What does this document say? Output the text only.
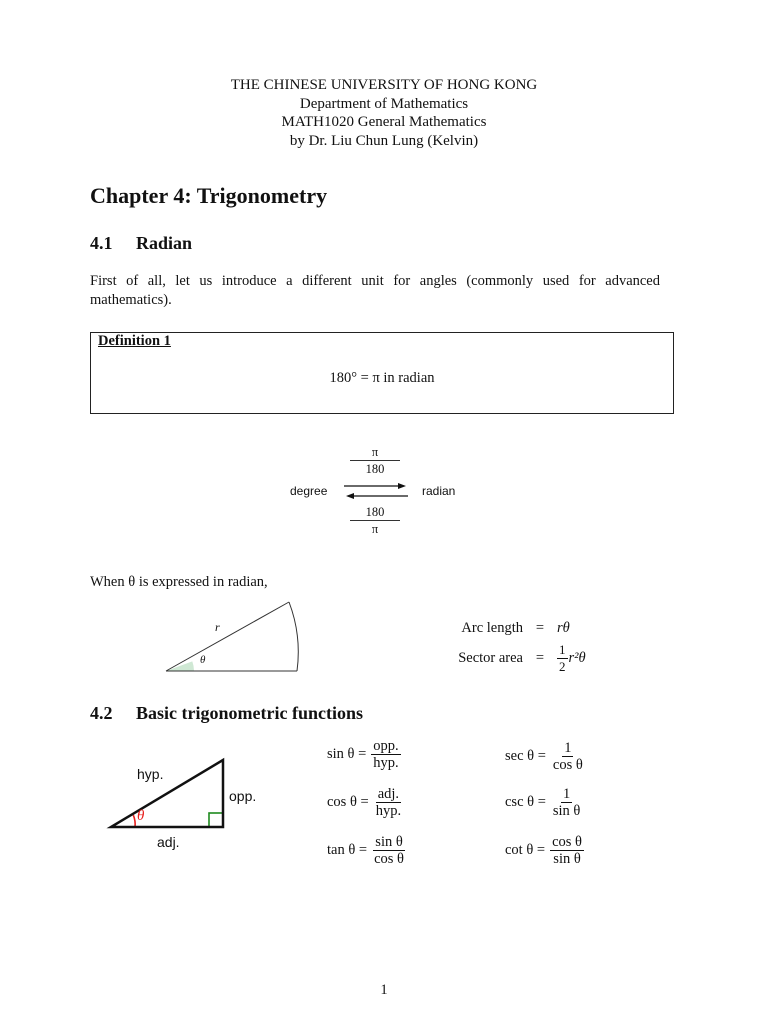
THE CHINESE UNIVERSITY OF HONG KONG
Department of Mathematics
MATH1020 General Mathematics
by Dr. Liu Chun Lung (Kelvin)
Chapter 4: Trigonometry
4.1 Radian
First of all, let us introduce a different unit for angles (commonly used for advanced mathematics).
Definition 1
180° = π in radian
$\frac{\pi}{180}$
degree	radian
$\frac{180}{\pi}$
When θ is expressed in radian,
r
θ
Arc length = rθ
Sector area = $\frac{1}{2} r^2\theta$
4.2 Basic trigonometric functions
hyp.
opp.
adj.
θ
$\sin \theta = \frac{\text{opp.}}{\text{hyp.}}$
$\cos \theta = \frac{\text{adj.}}{\text{hyp.}}$
$\tan \theta = \frac{\text{sin θ}}{\text{cos θ}}$
$\sec \theta = \frac{1}{\text{cos θ}}$
$\csc \theta = \frac{1}{\text{sin θ}}$
$\cot \theta = \frac{\text{cos θ}}{\text{sin θ}}$
1
